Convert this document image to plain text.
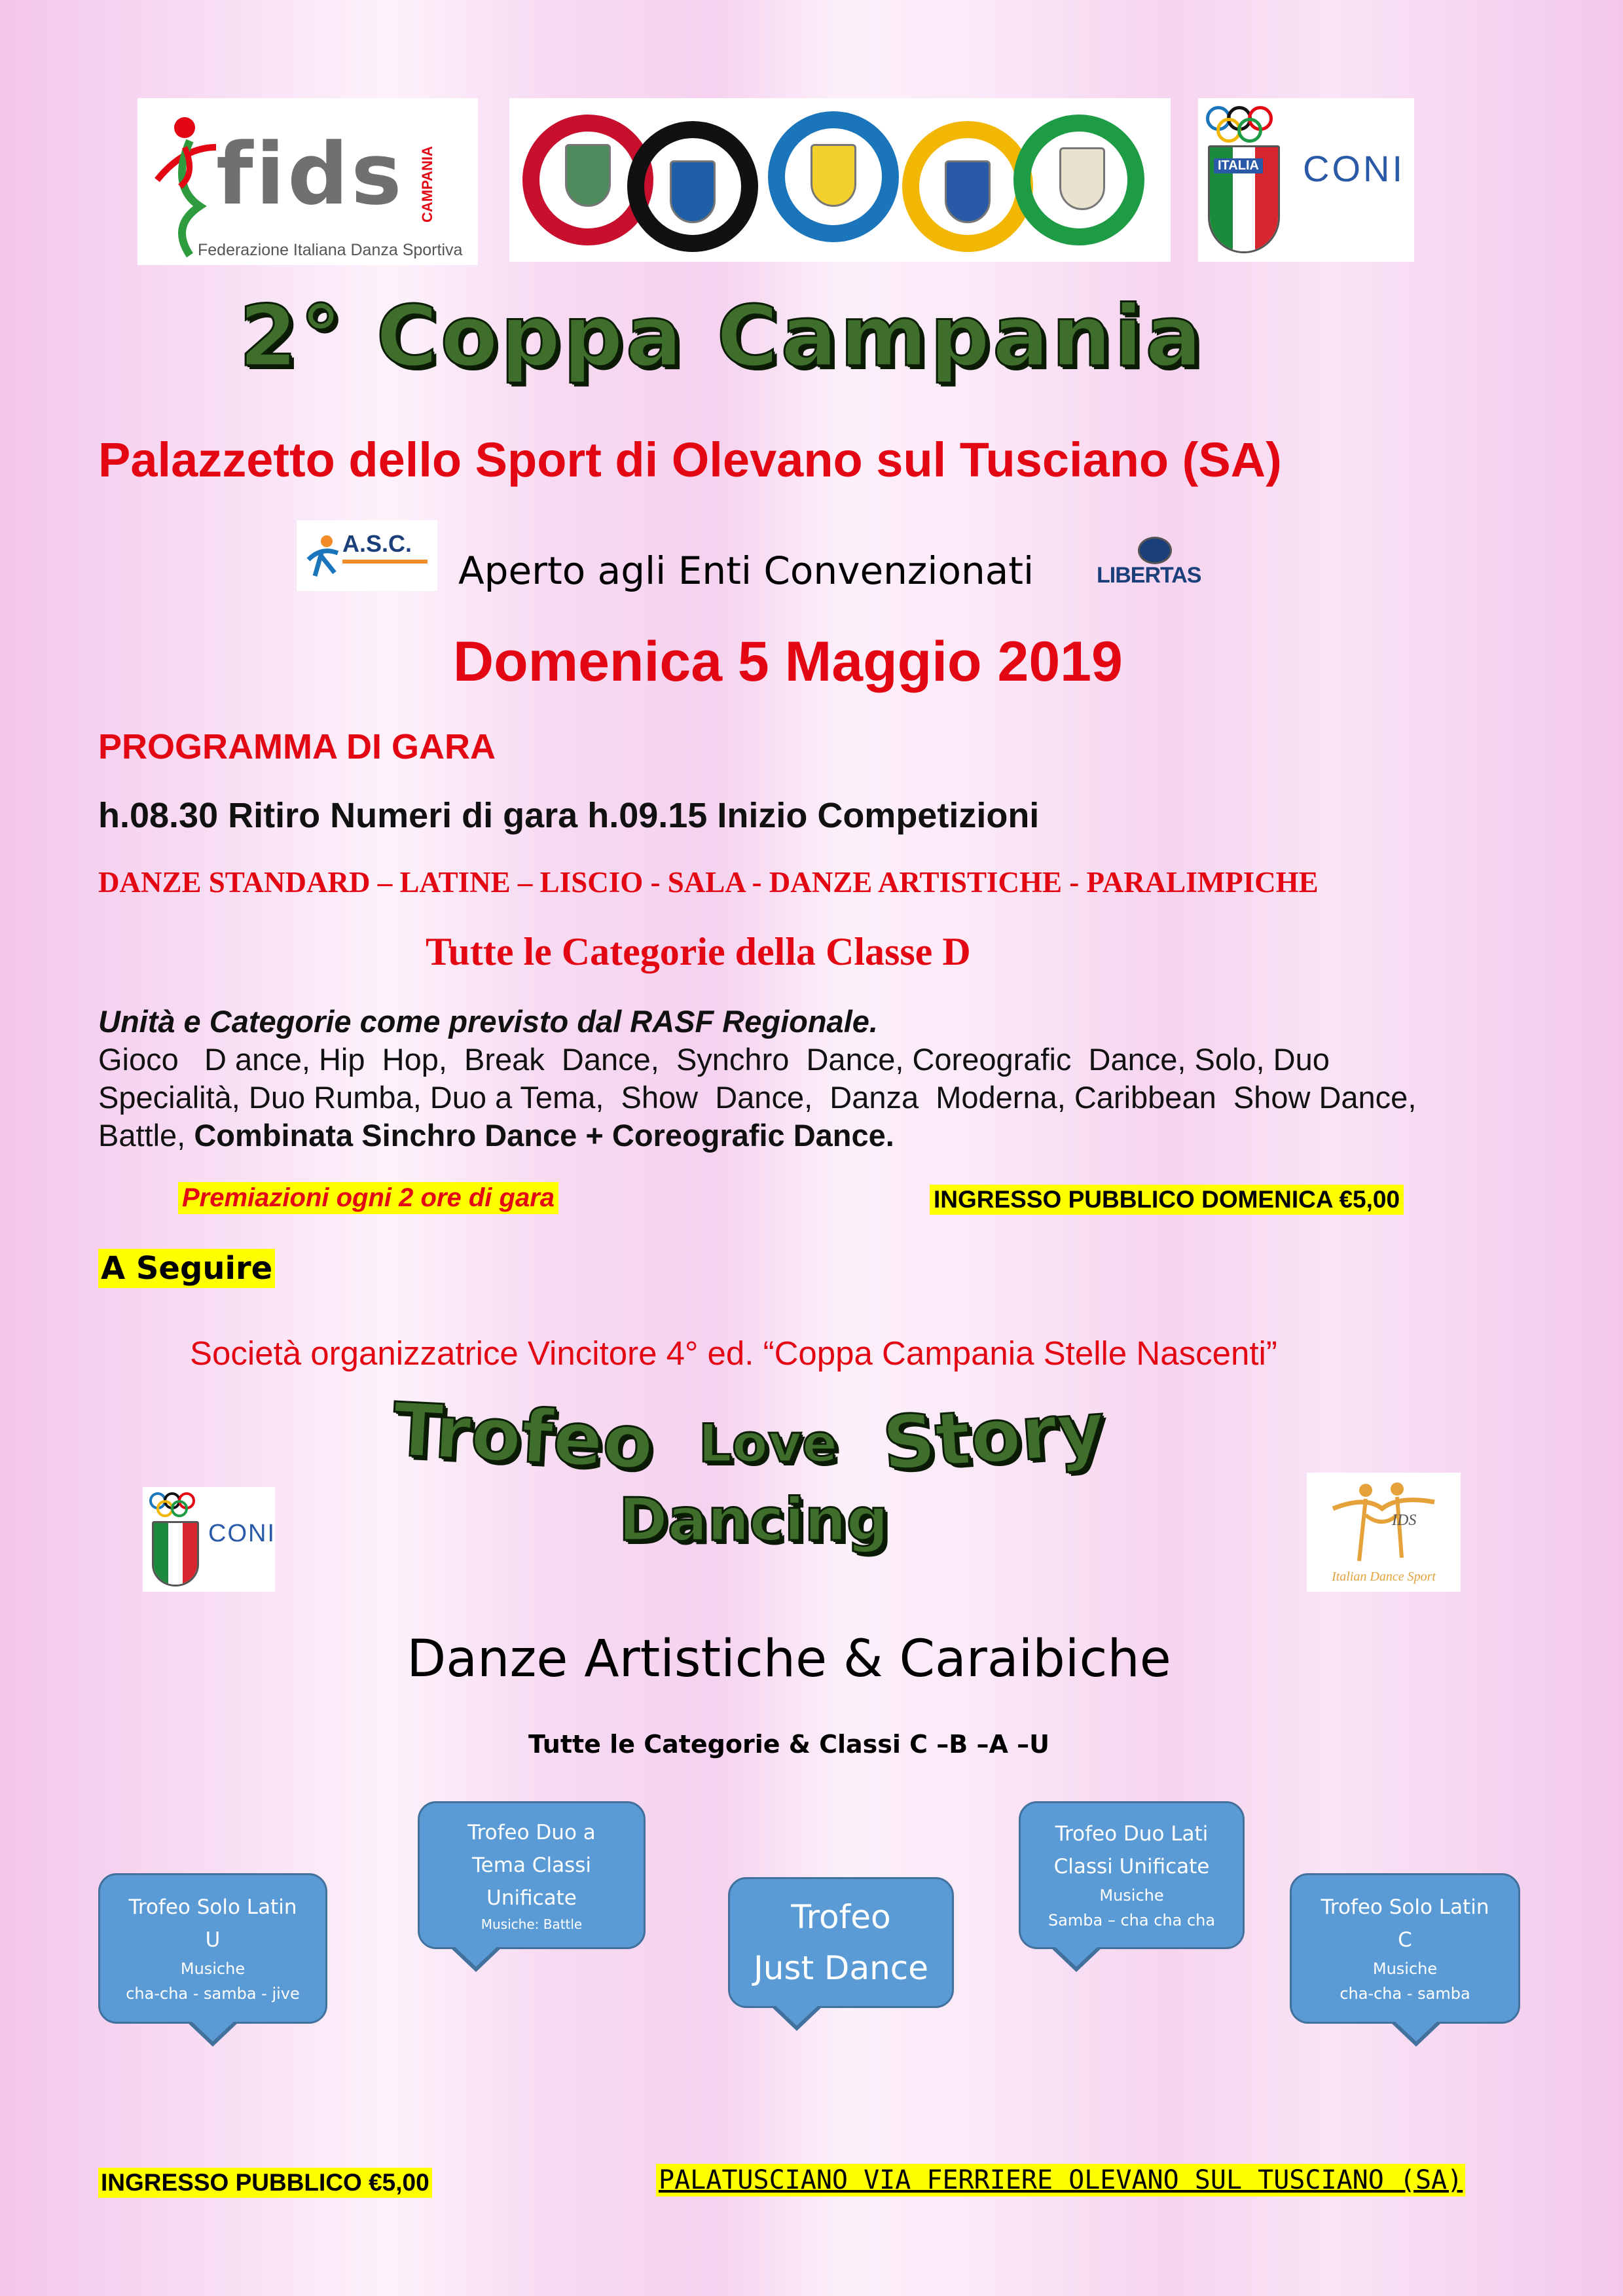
fids CAMPANIA
Federazione Italiana Danza Sportiva
ITALIA CONI
2° Coppa Campania
Palazzetto dello Sport di Olevano sul Tusciano (SA)
A.S.C.
Aperto agli Enti Convenzionati	LIBERTAS
Domenica 5 Maggio 2019
PROGRAMMA DI GARA
h.08.30 Ritiro Numeri di gara h.09.15 Inizio Competizioni
DANZE STANDARD – LATINE – LISCIO - SALA - DANZE ARTISTICHE - PARALIMPICHE
Tutte le Categorie della Classe D
Unità e Categorie come previsto dal RASF Regionale.
Gioco   D ance, Hip  Hop,  Break  Dance,  Synchro  Dance, Coreografic  Dance, Solo, Duo
Specialità, Duo Rumba, Duo a Tema,  Show  Dance,  Danza  Moderna, Caribbean  Show Dance,
Battle, Combinata Sinchro Dance + Coreografic Dance.
Premiazioni ogni 2 ore di gara	INGRESSO PUBBLICO DOMENICA €5,00
A Seguire
Società organizzatrice Vincitore 4° ed. “Coppa Campania Stelle Nascenti”
Trofeo Love Story
Dancing
CONI	IDS
Italian Dance Sport
Danze Artistiche & Caraibiche
Tutte le Categorie & Classi C –B –A –U
Trofeo Solo Latin
U
Musiche
cha-cha - samba - jive
Trofeo Duo a
Tema Classi
Unificate
Musiche: Battle	Trofeo
Just Dance
Trofeo Duo Lati
Classi Unificate
Musiche
Samba – cha cha cha
Trofeo Solo Latin
C
Musiche
cha-cha - samba
INGRESSO PUBBLICO €5,00	PALATUSCIANO VIA FERRIERE OLEVANO SUL TUSCIANO (SA)
